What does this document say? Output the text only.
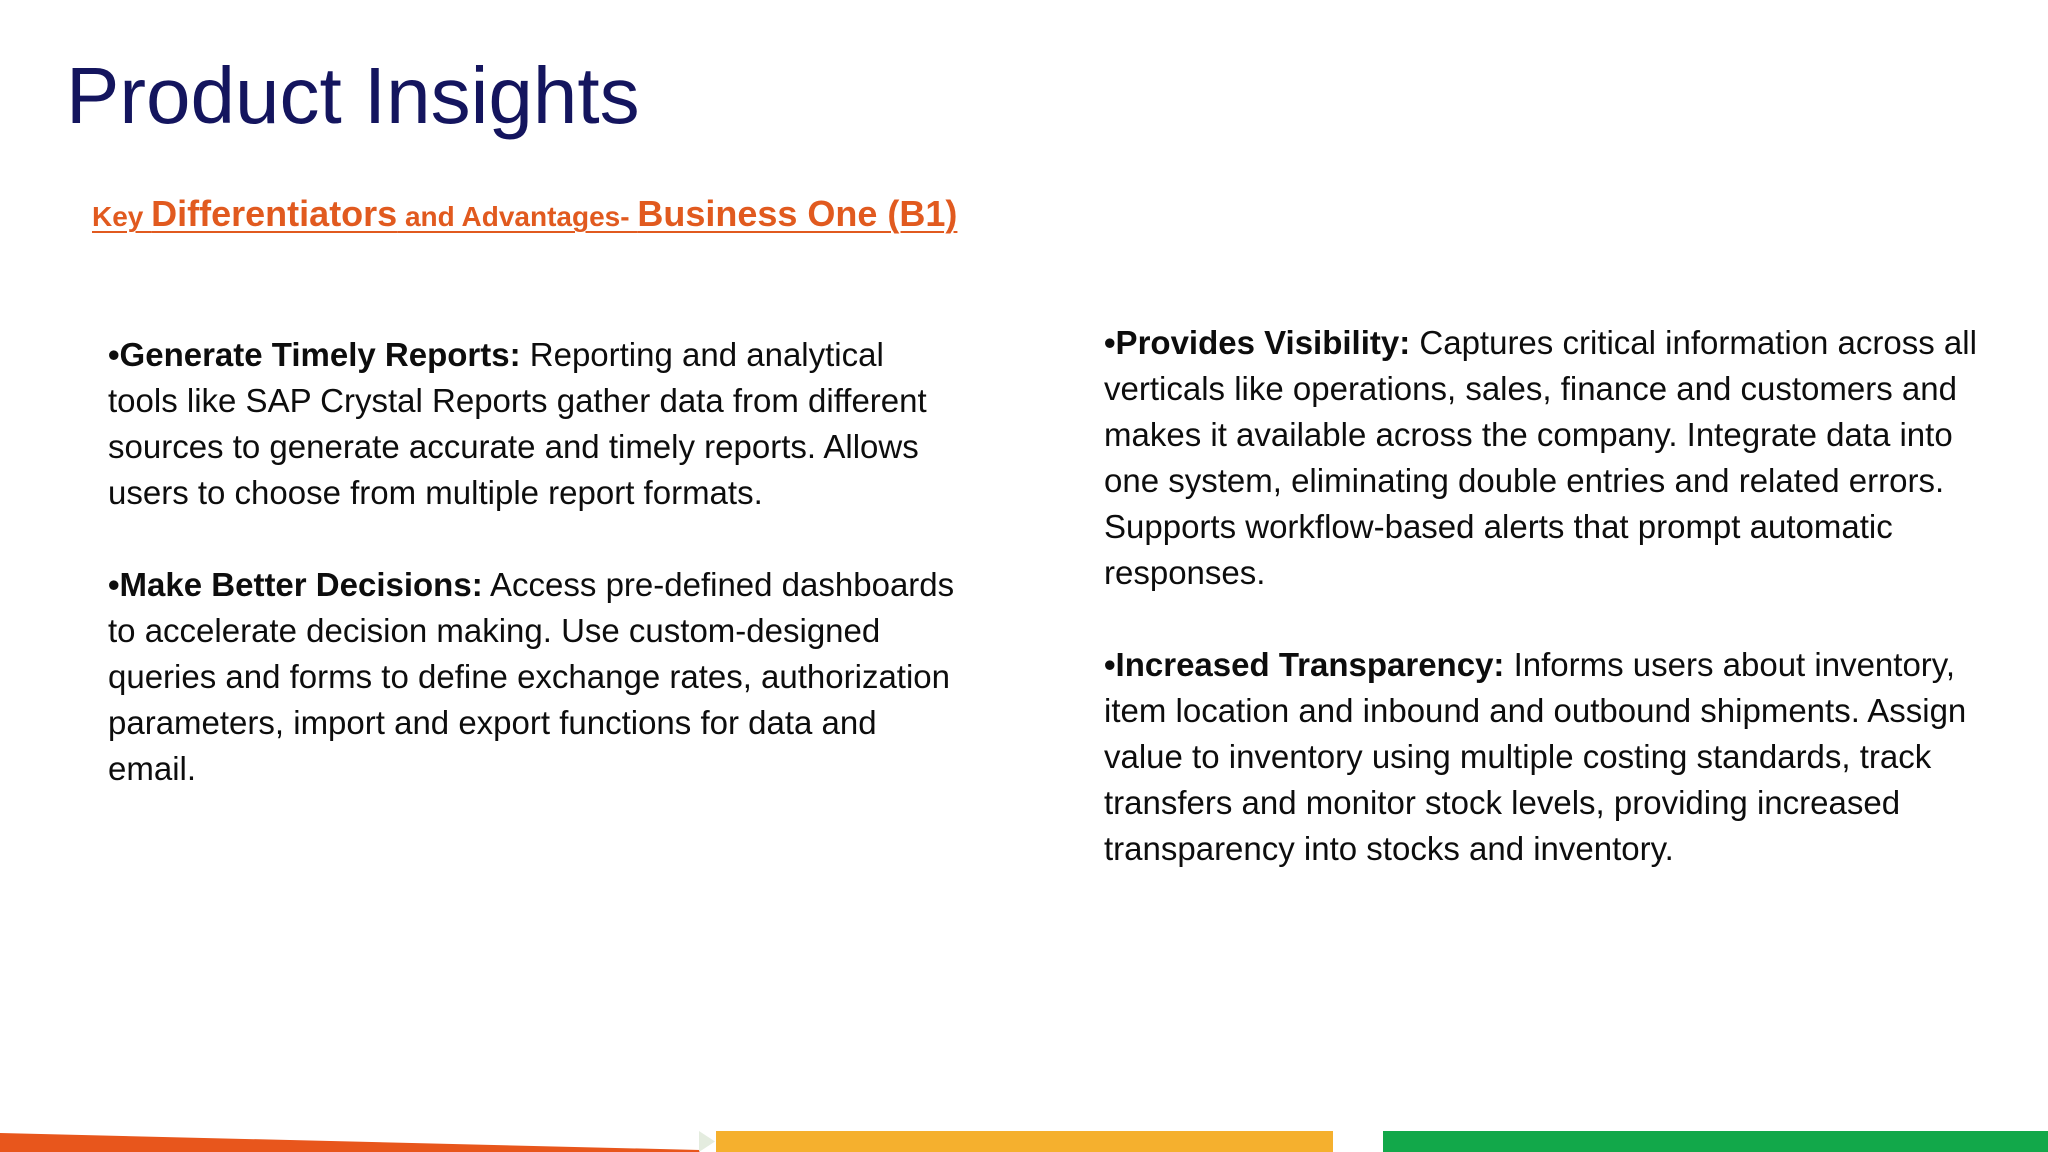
Product Insights
Key Differentiators and Advantages- Business One (B1)

•Generate Timely Reports: Reporting and analytical tools like SAP Crystal Reports gather data from different sources to generate accurate and timely reports. Allows users to choose from multiple report formats.

•Make Better Decisions: Access pre-defined dashboards to accelerate decision making. Use custom-designed queries and forms to define exchange rates, authorization parameters, import and export functions for data and email.

•Provides Visibility: Captures critical information across all verticals like operations, sales, finance and customers and makes it available across the company. Integrate data into one system, eliminating double entries and related errors. Supports workflow-based alerts that prompt automatic responses.

•Increased Transparency: Informs users about inventory, item location and inbound and outbound shipments. Assign value to inventory using multiple costing standards, track transfers and monitor stock levels, providing increased transparency into stocks and inventory.
